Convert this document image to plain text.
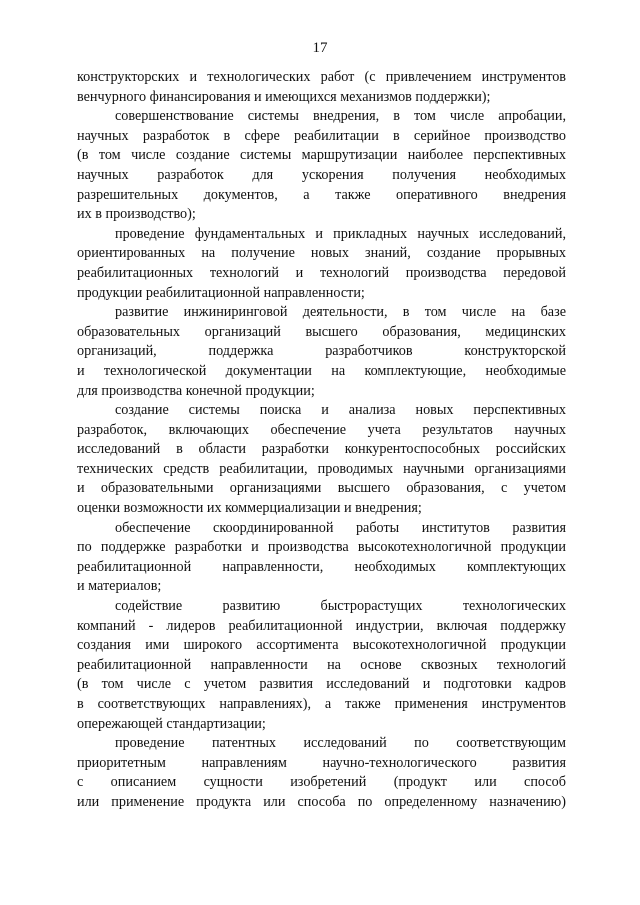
17

конструкторских и технологических работ (с привлечением инструментов
венчурного финансирования и имеющихся механизмов поддержки);

совершенствование системы внедрения, в том числе апробации,
научных разработок в сфере реабилитации в серийное производство
(в том числе создание системы маршрутизации наиболее перспективных
научных разработок для ускорения получения необходимых
разрешительных документов, а также оперативного внедрения
их в производство);

проведение фундаментальных и прикладных научных исследований,
ориентированных на получение новых знаний, создание прорывных
реабилитационных технологий и технологий производства передовой
продукции реабилитационной направленности;

развитие инжиниринговой деятельности, в том числе на базе
образовательных организаций высшего образования, медицинских
организаций, поддержка разработчиков конструкторской
и технологической документации на комплектующие, необходимые
для производства конечной продукции;

создание системы поиска и анализа новых перспективных
разработок, включающих обеспечение учета результатов научных
исследований в области разработки конкурентоспособных российских
технических средств реабилитации, проводимых научными организациями
и образовательными организациями высшего образования, с учетом
оценки возможности их коммерциализации и внедрения;

обеспечение скоординированной работы институтов развития
по поддержке разработки и производства высокотехнологичной продукции
реабилитационной направленности, необходимых комплектующих
и материалов;

содействие развитию быстрорастущих технологических
компаний - лидеров реабилитационной индустрии, включая поддержку
создания ими широкого ассортимента высокотехнологичной продукции
реабилитационной направленности на основе сквозных технологий
(в том числе с учетом развития исследований и подготовки кадров
в соответствующих направлениях), а также применения инструментов
опережающей стандартизации;

проведение патентных исследований по соответствующим
приоритетным направлениям научно-технологического развития
с описанием сущности изобретений (продукт или способ
или применение продукта или способа по определенному назначению)
